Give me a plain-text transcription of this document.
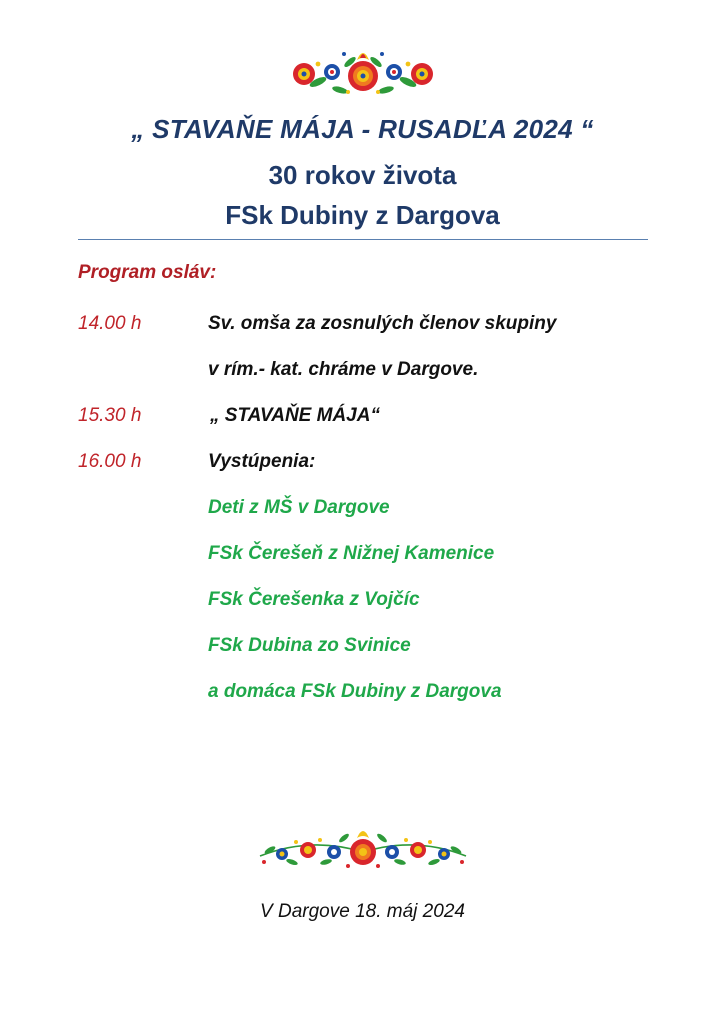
„ STAVAŇE MÁJA - RUSADĽA 2024 “
30 rokov života
FSk Dubiny z Dargova
Program osláv:
14.00 h	Sv. omša za zosnulých členov skupiny
v rím.- kat. chráme v Dargove.
15.30 h	„ STAVAŇE MÁJA“
16.00 h	Vystúpenia:
Deti z MŠ v Dargove
FSk Čerešeň z Nižnej Kamenice
FSk Čerešenka z Vojčíc
FSk Dubina zo Svinice
a domáca FSk Dubiny z Dargova
V Dargove 18. máj 2024
